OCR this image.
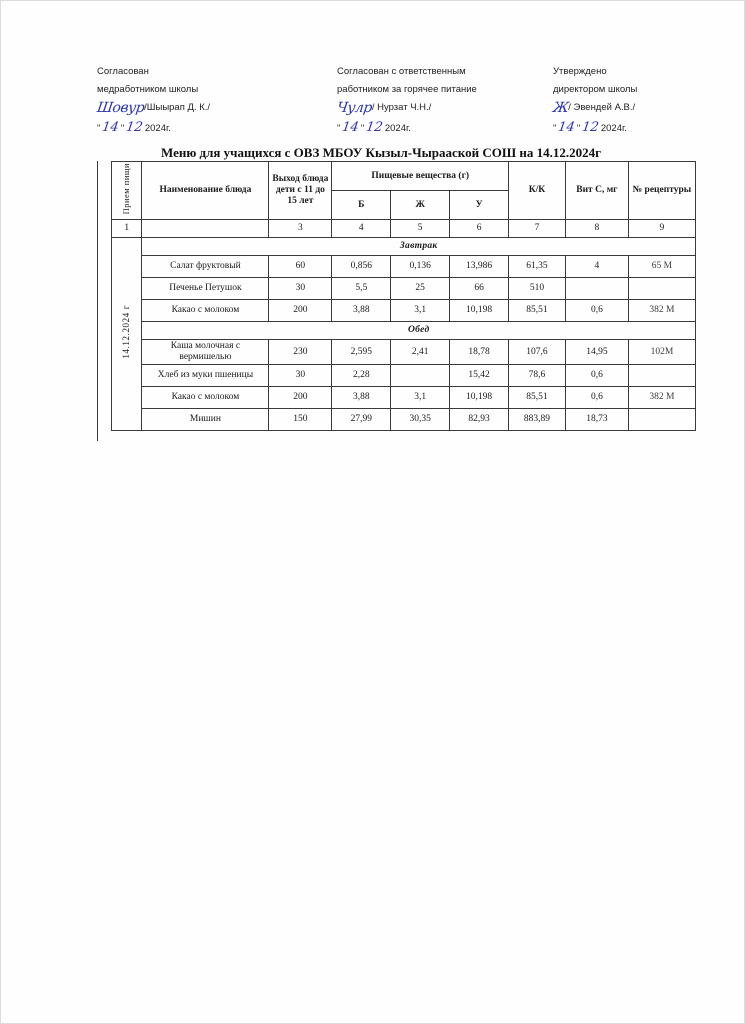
Согласован
медработником школы
Шовур/Шыырап Д. К./
"14"122024г.
Согласован с ответственным
работником за горячее питание
Чулр/ Нурзат Ч.Н./
"14"122024г.
Утверждено
директором школы
Ж/ Эвендей А.В./
"14"122024г.
Меню для учащихся с ОВЗ МБОУ Кызыл-Чырааской СОШ на 14.12.2024г
Прием пищи	Наименование блюда	Выход блюда дети с 11 до 15 лет	Пищевые вещества (г)			К/К	Вит С, мг	№ рецептуры
			Б	Ж	У			
1		3	4	5	6	7	8	9
14.12.2024 г	Завтрак							
	Салат фруктовый	60	0,856	0,136	13,986	61,35	4	65 М
	Печенье Петушок	30	5,5	25	66	510		
	Какао с молоком	200	3,88	3,1	10,198	85,51	0,6	382 М
	Обед							
	Каша молочная с вермишелью	230	2,595	2,41	18,78	107,6	14,95	102М
	Хлеб из муки пшеницы	30	2,28		15,42	78,6	0,6	
	Какао с молоком	200	3,88	3,1	10,198	85,51	0,6	382 М
	Мишин	150	27,99	30,35	82,93	883,89	18,73	
